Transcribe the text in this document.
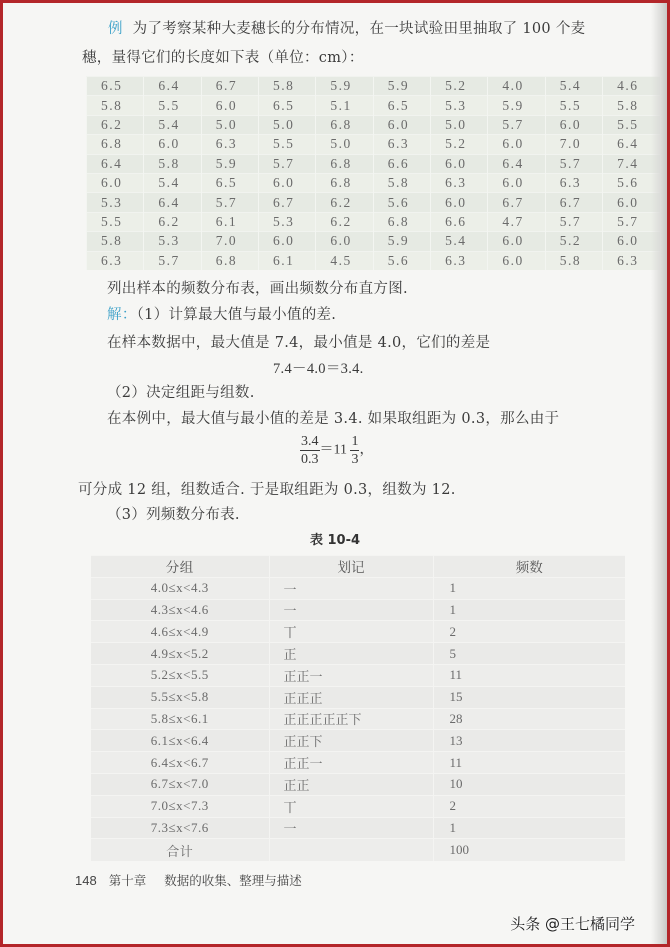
例 为了考察某种大麦穗长的分布情况，在一块试验田里抽取了 100 个麦
穗，量得它们的长度如下表（单位：cm）：
6.5	6.4	6.7	5.8	5.9	5.9	5.2	4.0	5.4	4.6
5.8	5.5	6.0	6.5	5.1	6.5	5.3	5.9	5.5	5.8
6.2	5.4	5.0	5.0	6.8	6.0	5.0	5.7	6.0	5.5
6.8	6.0	6.3	5.5	5.0	6.3	5.2	6.0	7.0	6.4
6.4	5.8	5.9	5.7	6.8	6.6	6.0	6.4	5.7	7.4
6.0	5.4	6.5	6.0	6.8	5.8	6.3	6.0	6.3	5.6
5.3	6.4	5.7	6.7	6.2	5.6	6.0	6.7	6.7	6.0
5.5	6.2	6.1	5.3	6.2	6.8	6.6	4.7	5.7	5.7
5.8	5.3	7.0	6.0	6.0	5.9	5.4	6.0	5.2	6.0
6.3	5.7	6.8	6.1	4.5	5.6	6.3	6.0	5.8	6.3
列出样本的频数分布表，画出频数分布直方图.
解：（1）计算最大值与最小值的差.
在样本数据中，最大值是 7.4，最小值是 4.0，它们的差是
7.4－4.0＝3.4.
（2）决定组距与组数.
在本例中，最大值与最小值的差是 3.4. 如果取组距为 0.3，那么由于
$\frac{3.4}{0.3} =11 \frac{1}{3}$ ，
可分成 12 组，组数适合. 于是取组距为 0.3，组数为 12.
（3）列频数分布表.
表 10-4
分组	划记	频数
4.0≤x<4.3	一	1
4.3≤x<4.6	一	1
4.6≤x<4.9	丅	2
4.9≤x<5.2	正	5
5.2≤x<5.5	正正一	11
5.5≤x<5.8	正正正	15
5.8≤x<6.1	正正正正正下	28
6.1≤x<6.4	正正下	13
6.4≤x<6.7	正正一	11
6.7≤x<7.0	正正	10
7.0≤x<7.3	丅	2
7.3≤x<7.6	一	1
合计		100
148 第十章 数据的收集、整理与描述
头条 @王七橘同学
